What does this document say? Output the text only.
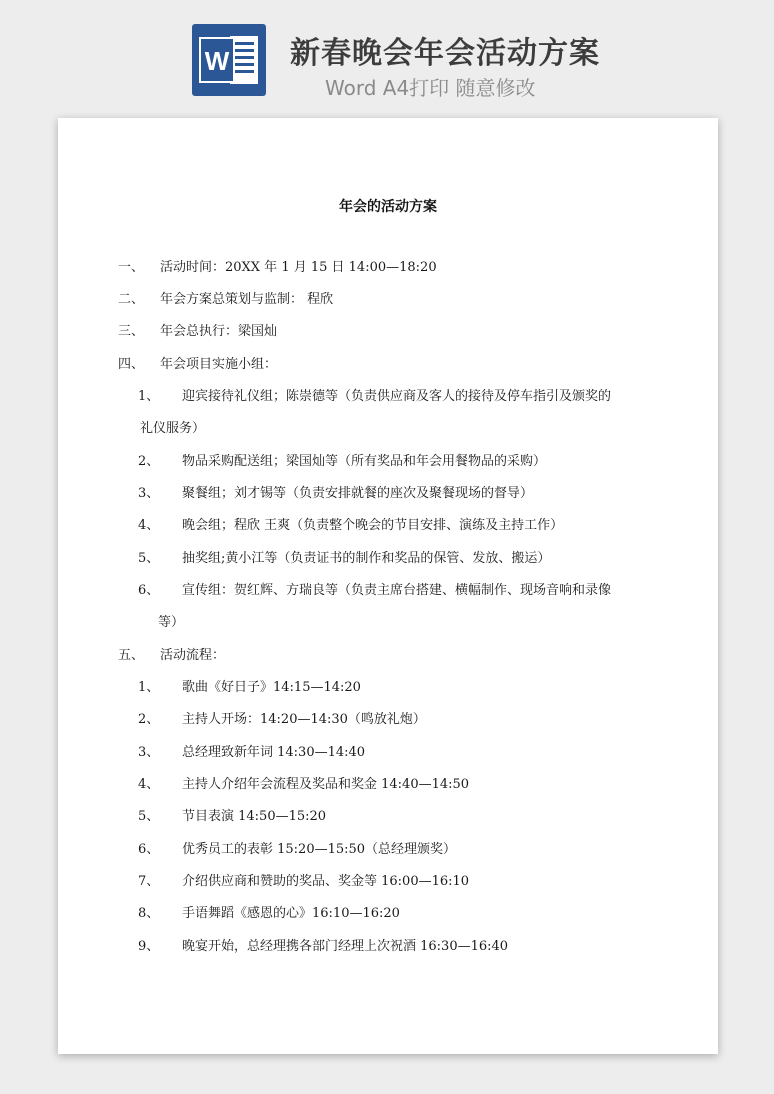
W 新春晚会年会活动方案
Word A4打印 随意修改
年会的活动方案
一、 活动时间：20XX 年 1 月 15 日 14:00—18:20
二、 年会方案总策划与监制： 程欣
三、 年会总执行：梁国灿
四、 年会项目实施小组：
1、 迎宾接待礼仪组；陈崇德等（负责供应商及客人的接待及停车指引及颁奖的
礼仪服务）
2、 物品采购配送组；梁国灿等（所有奖品和年会用餐物品的采购）
3、 聚餐组；刘才锡等（负责安排就餐的座次及聚餐现场的督导）
4、 晚会组；程欣 王爽（负责整个晚会的节目安排、演练及主持工作）
5、 抽奖组;黄小江等（负责证书的制作和奖品的保管、发放、搬运）
6、 宣传组：贺红辉、方瑞良等（负责主席台搭建、横幅制作、现场音响和录像
等）
五、 活动流程：
1、 歌曲《好日子》14:15—14:20
2、 主持人开场：14:20—14:30（鸣放礼炮）
3、 总经理致新年词 14:30—14:40
4、 主持人介绍年会流程及奖品和奖金 14:40—14:50
5、 节目表演 14:50—15:20
6、 优秀员工的表彰 15:20—15:50（总经理颁奖）
7、 介绍供应商和赞助的奖品、奖金等 16:00—16:10
8、 手语舞蹈《感恩的心》16:10—16:20
9、 晚宴开始，总经理携各部门经理上次祝酒 16:30—16:40
